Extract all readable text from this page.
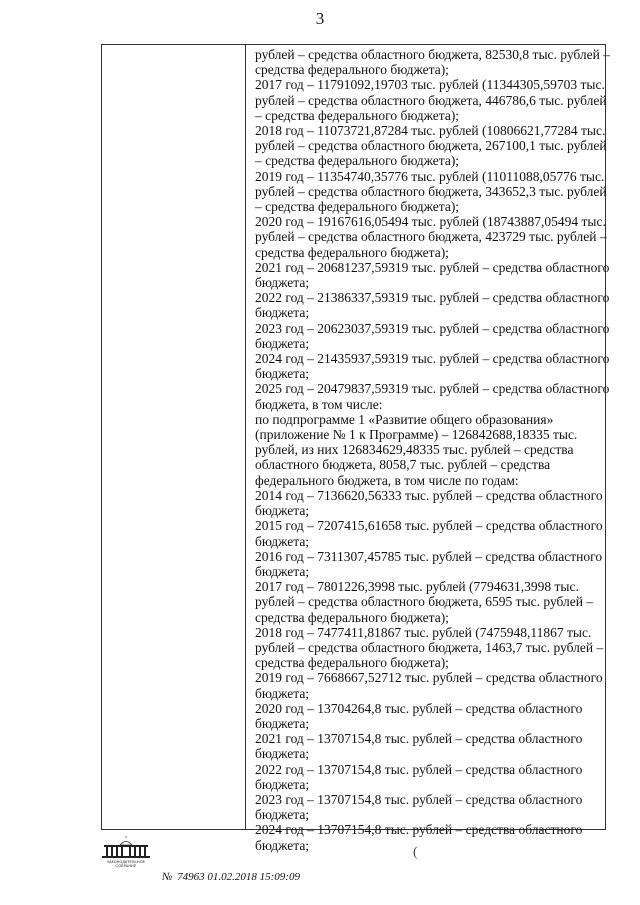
3
рублей – средства областного бюджета, 82530,8 тыс. рублей –
средства федерального бюджета);
2017 год – 11791092,19703 тыс. рублей (11344305,59703 тыс.
рублей – средства областного бюджета, 446786,6 тыс. рублей
– средства федерального бюджета);
2018 год – 11073721,87284 тыс. рублей (10806621,77284 тыс.
рублей – средства областного бюджета, 267100,1 тыс. рублей
– средства федерального бюджета);
2019 год – 11354740,35776 тыс. рублей (11011088,05776 тыс.
рублей – средства областного бюджета, 343652,3 тыс. рублей
– средства федерального бюджета);
2020 год – 19167616,05494 тыс. рублей (18743887,05494 тыс.
рублей – средства областного бюджета, 423729 тыс. рублей –
средства федерального бюджета);
2021 год – 20681237,59319 тыс. рублей – средства областного
бюджета;
2022 год – 21386337,59319 тыс. рублей – средства областного
бюджета;
2023 год – 20623037,59319 тыс. рублей – средства областного
бюджета;
2024 год – 21435937,59319 тыс. рублей – средства областного
бюджета;
2025 год – 20479837,59319 тыс. рублей – средства областного
бюджета, в том числе:
по подпрограмме 1 «Развитие общего образования»
(приложение № 1 к Программе) – 126842688,18335 тыс.
рублей, из них 126834629,48335 тыс. рублей – средства
областного бюджета, 8058,7 тыс. рублей – средства
федерального бюджета, в том числе по годам:
2014 год – 7136620,56333 тыс. рублей – средства областного
бюджета;
2015 год – 7207415,61658 тыс. рублей – средства областного
бюджета;
2016 год – 7311307,45785 тыс. рублей – средства областного
бюджета;
2017 год – 7801226,3998 тыс. рублей (7794631,3998 тыс.
рублей – средства областного бюджета, 6595 тыс. рублей –
средства федерального бюджета);
2018 год – 7477411,81867 тыс. рублей (7475948,11867 тыс.
рублей – средства областного бюджета, 1463,7 тыс. рублей –
средства федерального бюджета);
2019 год – 7668667,52712 тыс. рублей – средства областного
бюджета;
2020 год – 13704264,8 тыс. рублей – средства областного
бюджета;
2021 год – 13707154,8 тыс. рублей – средства областного
бюджета;
2022 год – 13707154,8 тыс. рублей – средства областного
бюджета;
2023 год – 13707154,8 тыс. рублей – средства областного
бюджета;
2024 год – 13707154,8 тыс. рублей – средства областного
бюджета;
ЗАКОНОДАТЕЛЬНОЕ СОБРАНИЕ
№ 74963 01.02.2018 15:09:09
(
